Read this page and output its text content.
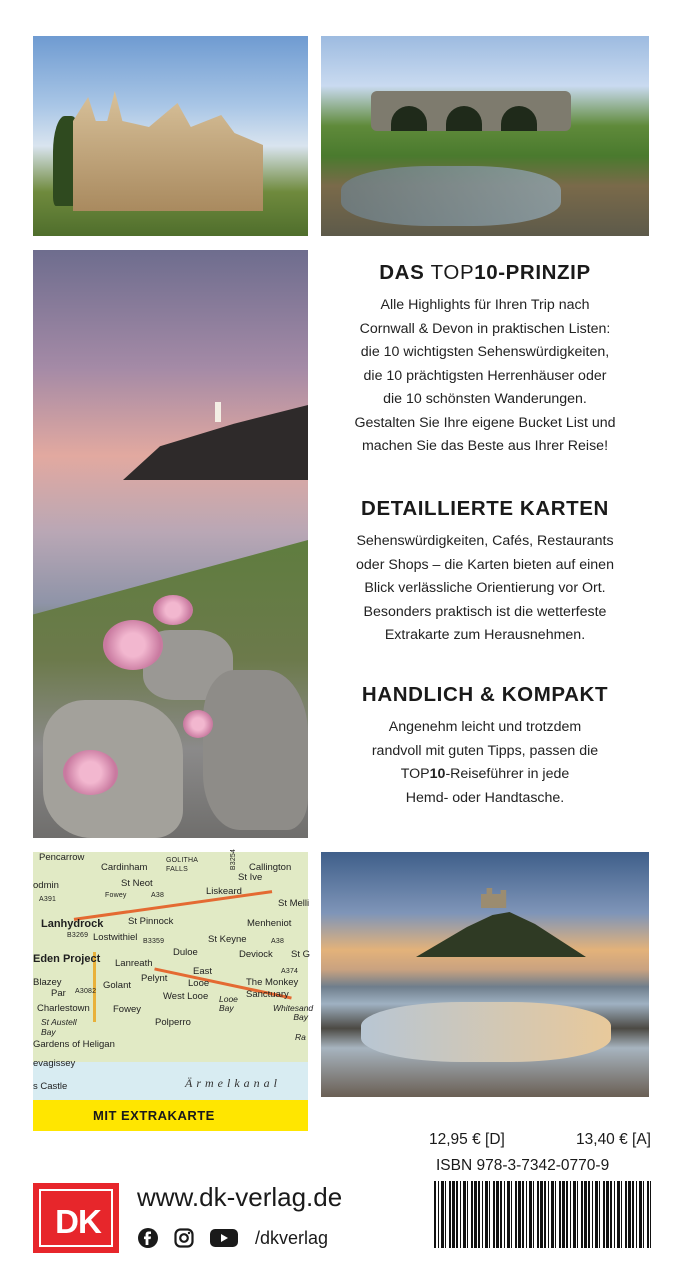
Pencarrow
Cardinham
GOLITHA FALLS	B3254 Callington
odmin	St Neot
St Ive
Fowey	A38	Liskeard
St Melli
A391
Lanhydrock	St Pinnock	Menheniot
B3269 Lostwithiel	St Keyne	A38
Eden Project Lanreath
B3359
Duloe	Deviock St G
A374
East
Blazey	Pelynt Looe	The Monkey
Par
Golant
A3082	West Looe	Sanctuary
Charlestown Fowey
Looe Bay	Whitesand Bay
St Austell Bay
Polperro
Ra
Gardens of Heligan
evagissey
s Castle	Ärmelkanal
MIT EXTRAKARTE
DAS TOP10-PRINZIP
Alle Highlights für Ihren Trip nach
Cornwall & Devon in praktischen Listen:
die 10 wichtigsten Sehenswürdigkeiten,
die 10 prächtigsten Herrenhäuser oder
die 10 schönsten Wanderungen.
Gestalten Sie Ihre eigene Bucket List und
machen Sie das Beste aus Ihrer Reise!
DETAILLIERTE KARTEN
Sehenswürdigkeiten, Cafés, Restaurants
oder Shops – die Karten bieten auf einen
Blick verlässliche Orientierung vor Ort.
Besonders praktisch ist die wetterfeste
Extrakarte zum Herausnehmen.
HANDLICH & KOMPAKT
Angenehm leicht und trotzdem
randvoll mit guten Tipps, passen die
TOP10-Reiseführer in jede
Hemd- oder Handtasche.
12,95 € [D]	13,40 € [A]
ISBN 978-3-7342-0770-9
DK
www.dk-verlag.de
/dkverlag
